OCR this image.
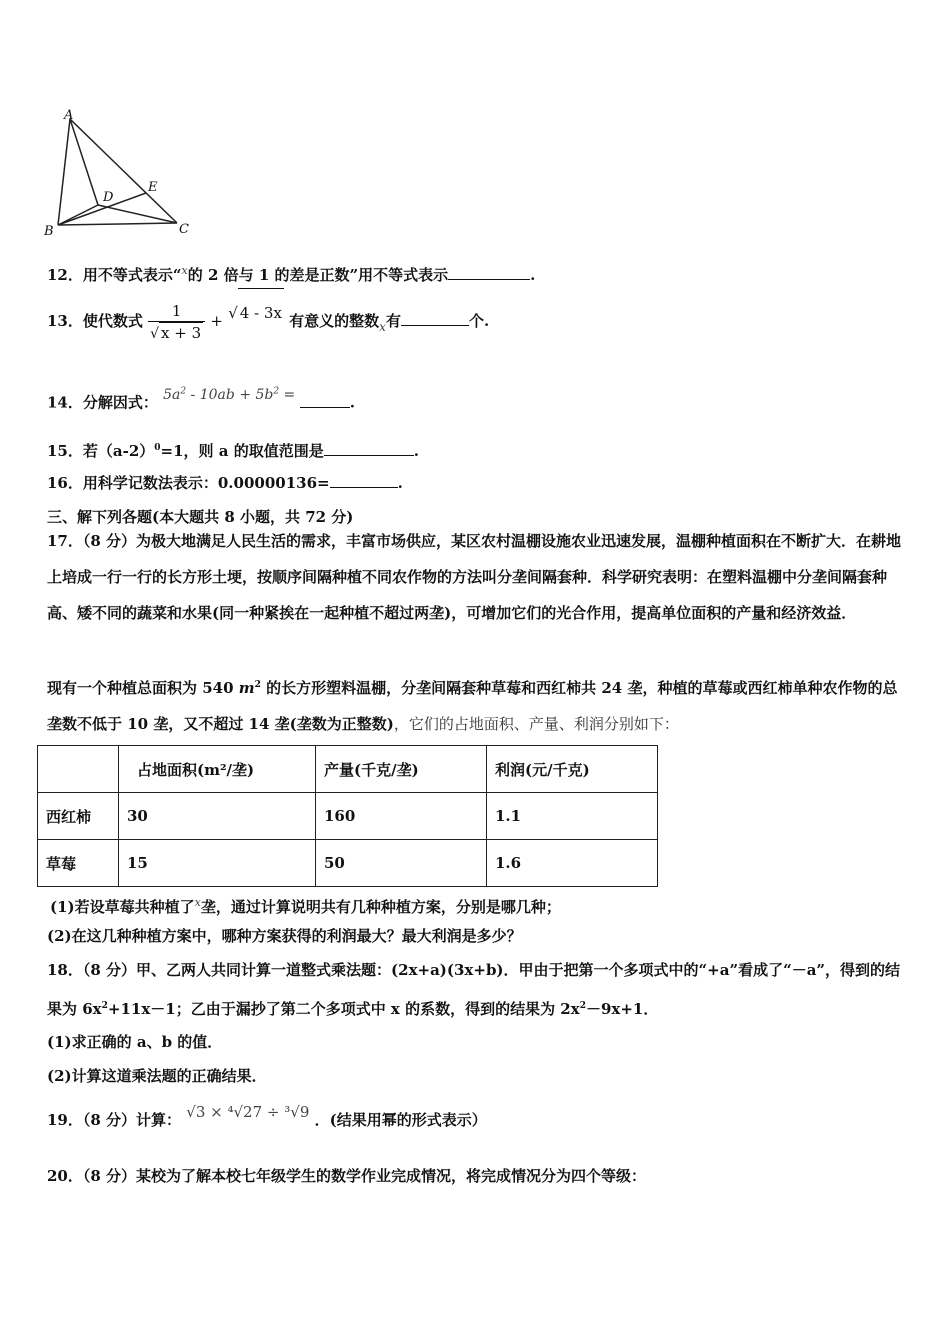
A
B	C
D
E
12．用不等式表示“$^x$的 2 倍与 1 的差是正数”用不等式表示	.
13．使代数式 $\frac{1}{√ x + 3}$ + √ 4 - 3x 有意义的整数$_x$有	个.
14．分解因式： $5a^2 - 10ab + 5b^2$ =	.
15．若$(a-2)^0=1$，则 a 的取值范围是	.
16．用科学记数法表示：0.00000136=	.
三、解下列各题(本大题共 8 小题，共 72 分)
17．（8 分）为极大地满足人民生活的需求，丰富市场供应，某区农村温棚设施农业迅速发展，温棚种植面积在不断扩大．在耕地上培成一行一行的长方形土埂，按顺序间隔种植不同农作物的方法叫分垄间隔套种．科学研究表明：在塑料温棚中分垄间隔套种高、矮不同的蔬菜和水果(同一种紧挨在一起种植不超过两垄)，可增加它们的光合作用，提高单位面积的产量和经济效益．
现有一个种植总面积为 540 $m^2$ 的长方形塑料温棚，分垄间隔套种草莓和西红柿共 24 垄，种植的草莓或西红柿单种农作物的总垄数不低于 10 垄，又不超过 14 垄(垄数为正整数)，它们的占地面积、产量、利润分别如下：
	占地面积(m²/垄)	产量(千克/垄)	利润(元/千克)
西红柿	30	160	1.1
草莓	15	50	1.6
(1)若设草莓共种植了$^x$垄，通过计算说明共有几种种植方案，分别是哪几种；
(2)在这几种种植方案中，哪种方案获得的利润最大？最大利润是多少？
18．（8 分）甲、乙两人共同计算一道整式乘法题：(2x+a)(3x+b)．甲由于把第一个多项式中的“+a”看成了“－a”，得到的结果为 $6x^2+11x-1$；乙由于漏抄了第二个多项式中 x 的系数，得到的结果为 $2x^2-9x+1$．
(1)求正确的 a、b 的值．
(2)计算这道乘法题的正确结果．
19．（8 分）计算： √3 × ⁴√27 ÷ ³√9 ．(结果用幂的形式表示）
20．（8 分）某校为了解本校七年级学生的数学作业完成情况，将完成情况分为四个等级：
